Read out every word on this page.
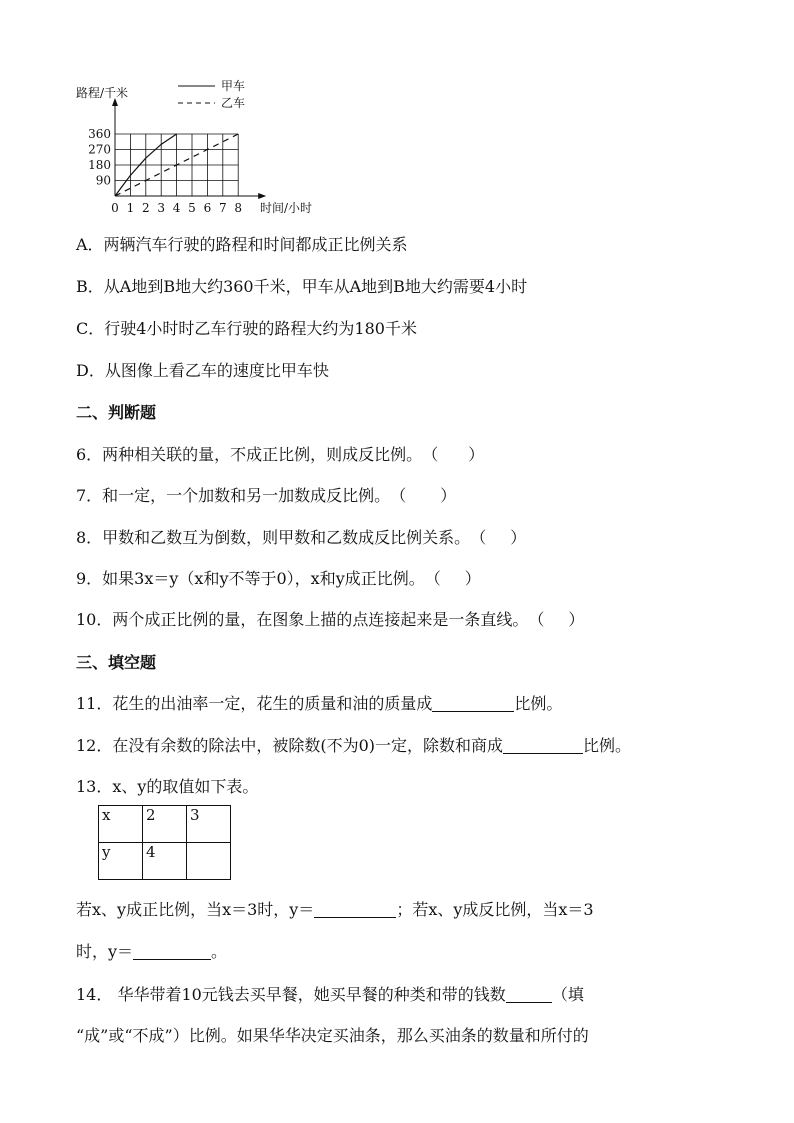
0 1 2 3 4 5 6 7 8
90
180
270
360
路程/千米
时间/小时
甲车
乙车
A．两辆汽车行驶的路程和时间都成正比例关系
B．从A地到B地大约360千米，甲车从A地到B地大约需要4小时
C．行驶4小时时乙车行驶的路程大约为180千米
D．从图像上看乙车的速度比甲车快
二、判断题
6．两种相关联的量，不成正比例，则成反比例。（ ）
7．和一定，一个加数和另一加数成反比例。（ ）
8．甲数和乙数互为倒数，则甲数和乙数成反比例关系。（ ）
9．如果3x＝y（x和y不等于0），x和y成正比例。（ ）
10．两个成正比例的量，在图象上描的点连接起来是一条直线。（ ）
三、填空题
11．花生的出油率一定，花生的质量和油的质量成	比例。
12．在没有余数的除法中，被除数(不为0)一定，除数和商成	比例。
13．x、y的取值如下表。
x	2	3
y	4	
若x、y成正比例，当x＝3时，y＝	；若x、y成反比例，当x＝3
时，y＝	。
14． 华华带着10元钱去买早餐，她买早餐的种类和带的钱数	（填
“成”或“不成”）比例。如果华华决定买油条，那么买油条的数量和所付的
